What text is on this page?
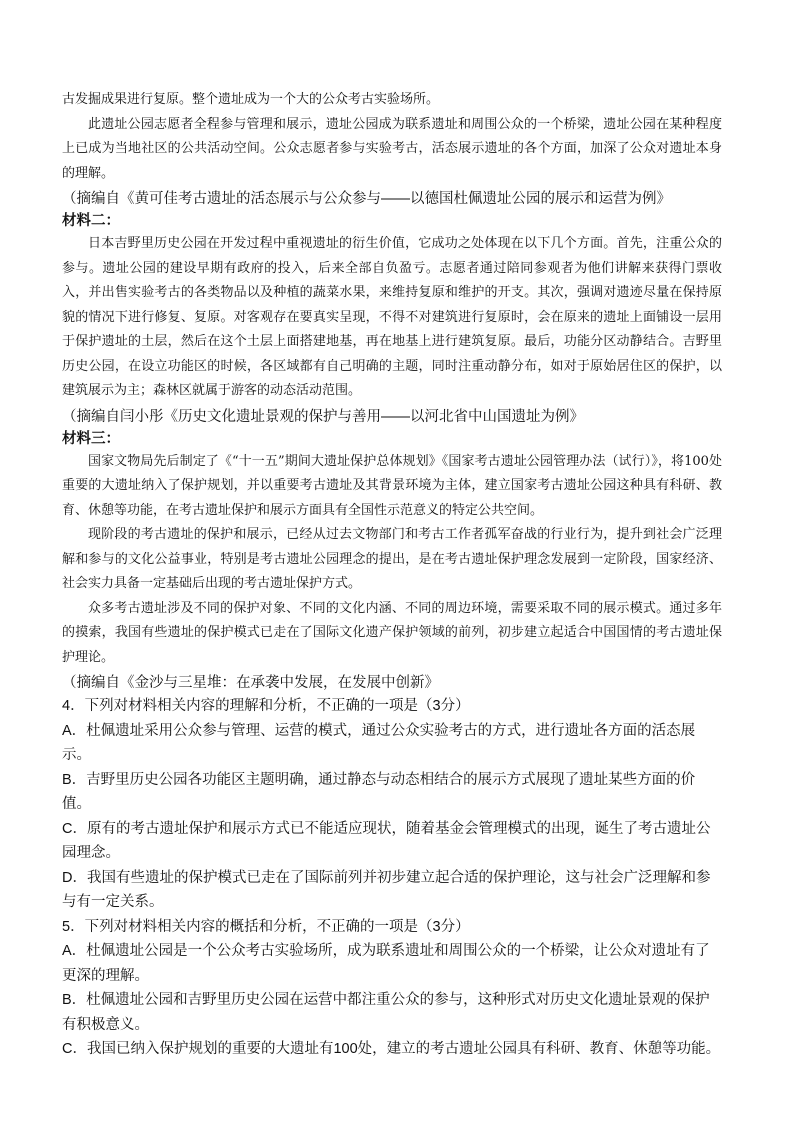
古发掘成果进行复原。整个遗址成为一个大的公众考古实验场所。

此遗址公园志愿者全程参与管理和展示，遗址公园成为联系遗址和周围公众的一个桥梁，遗址公园在某种程度上已成为当地社区的公共活动空间。公众志愿者参与实验考古，活态展示遗址的各个方面，加深了公众对遗址本身的理解。

（摘编自《黄可佳考古遗址的活态展示与公众参与——以德国杜佩遗址公园的展示和运营为例》

材料二：

日本吉野里历史公园在开发过程中重视遗址的衍生价值，它成功之处体现在以下几个方面。首先，注重公众的参与。遗址公园的建设早期有政府的投入，后来全部自负盈亏。志愿者通过陪同参观者为他们讲解来获得门票收入，并出售实验考古的各类物品以及种植的蔬菜水果，来维持复原和维护的开支。其次，强调对遗迹尽量在保持原貌的情况下进行修复、复原。对客观存在要真实呈现，不得不对建筑进行复原时，会在原来的遗址上面铺设一层用于保护遗址的土层，然后在这个土层上面搭建地基，再在地基上进行建筑复原。最后，功能分区动静结合。吉野里历史公园，在设立功能区的时候，各区域都有自己明确的主题，同时注重动静分布，如对于原始居住区的保护，以建筑展示为主；森林区就属于游客的动态活动范围。

（摘编自闫小彤《历史文化遗址景观的保护与善用——以河北省中山国遗址为例》

材料三：

国家文物局先后制定了《“十一五”期间大遗址保护总体规划》《国家考古遗址公园管理办法（试行）》，将100处重要的大遗址纳入了保护规划，并以重要考古遗址及其背景环境为主体，建立国家考古遗址公园这种具有科研、教育、休憩等功能，在考古遗址保护和展示方面具有全国性示范意义的特定公共空间。

现阶段的考古遗址的保护和展示，已经从过去文物部门和考古工作者孤军奋战的行业行为，提升到社会广泛理解和参与的文化公益事业，特别是考古遗址公园理念的提出，是在考古遗址保护理念发展到一定阶段，国家经济、社会实力具备一定基础后出现的考古遗址保护方式。

众多考古遗址涉及不同的保护对象、不同的文化内涵、不同的周边环境，需要采取不同的展示模式。通过多年的摸索，我国有些遗址的保护模式已走在了国际文化遗产保护领域的前列，初步建立起适合中国国情的考古遗址保护理论。

（摘编自《金沙与三星堆：在承袭中发展，在发展中创新》

4．下列对材料相关内容的理解和分析，不正确的一项是（3分）

A．杜佩遗址采用公众参与管理、运营的模式，通过公众实验考古的方式，进行遗址各方面的活态展示。

B．吉野里历史公园各功能区主题明确，通过静态与动态相结合的展示方式展现了遗址某些方面的价值。

C．原有的考古遗址保护和展示方式已不能适应现状，随着基金会管理模式的出现，诞生了考古遗址公园理念。

D．我国有些遗址的保护模式已走在了国际前列并初步建立起合适的保护理论，这与社会广泛理解和参与有一定关系。

5．下列对材料相关内容的概括和分析，不正确的一项是（3分）

A．杜佩遗址公园是一个公众考古实验场所，成为联系遗址和周围公众的一个桥梁，让公众对遗址有了更深的理解。

B．杜佩遗址公园和吉野里历史公园在运营中都注重公众的参与，这种形式对历史文化遗址景观的保护有积极意义。

C．我国已纳入保护规划的重要的大遗址有100处，建立的考古遗址公园具有科研、教育、休憩等功能。
